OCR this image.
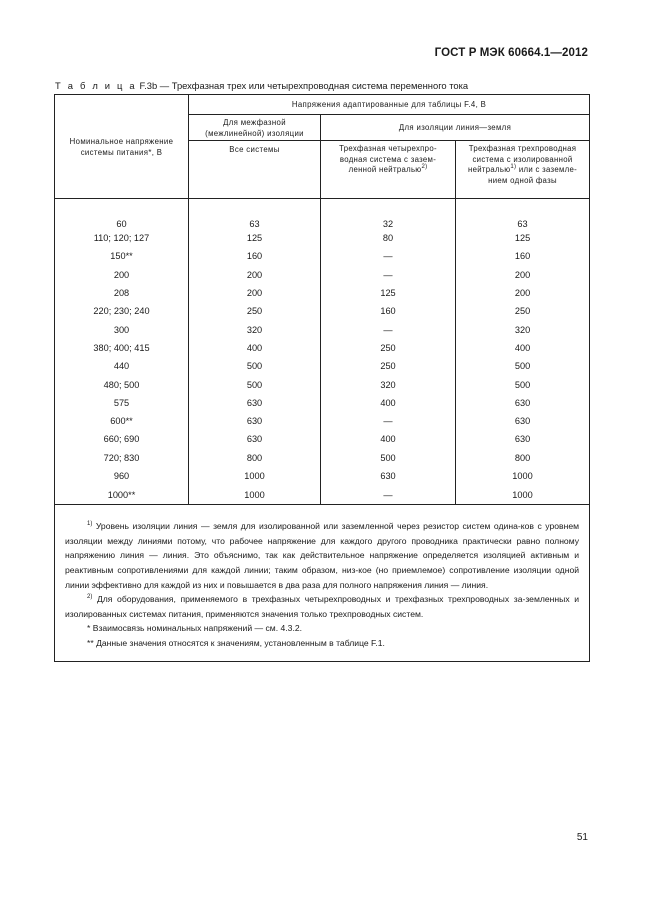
ГОСТ Р МЭК 60664.1—2012
Т а б л и ц а F.3b — Трехфазная трех или четырехпроводная система переменного тока
Номинальное напряжение системы питания*, В	Напряжения адаптированные для таблицы F.4, В		
	Для межфазной (межлинейной) изоляции	Для изоляции линия—земля	
	Все системы	Трехфазная четырехпро-водная система с зазем-ленной нейтралью$^{2)}$	Трехфазная трехпроводная система с изолированной нейтралью$^{1)}$ или с заземле-нием одной фазы
60	63	32	63
110; 120; 127	125	80	125
150**	160	—	160
200	200	—	200
208	200	125	200
220; 230; 240	250	160	250
300	320	—	320
380; 400; 415	400	250	400
440	500	250	500
480; 500	500	320	500
575	630	400	630
600**	630	—	630
660; 690	630	400	630
720; 830	800	500	800
960	1000	630	1000
1000**	1000	—	1000

$^{1)}$ Уровень изоляции линия — земля для изолированной или заземленной через резистор систем одина-ков с уровнем изоляции между линиями потому, что рабочее напряжение для каждого другого проводника практически равно полному напряжению линия — линия. Это объяснимо, так как действительное напряжение определяется изоляцией активным и реактивным сопротивлениями для каждой линии; таким образом, низ-кое (но приемлемое) сопротивление изоляции одной линии эффективно для каждой из них и повышается в два раза для полного напряжения линия — линия.

$^{2)}$ Для оборудования, применяемого в трехфазных четырехпроводных и трехфазных трехпроводных за-земленных и изолированных системах питания, применяются значения только трехпроводных систем.

* Взаимосвязь номинальных напряжений — см. 4.3.2.

** Данные значения относятся к значениям, установленным в таблице F.1.			

51
